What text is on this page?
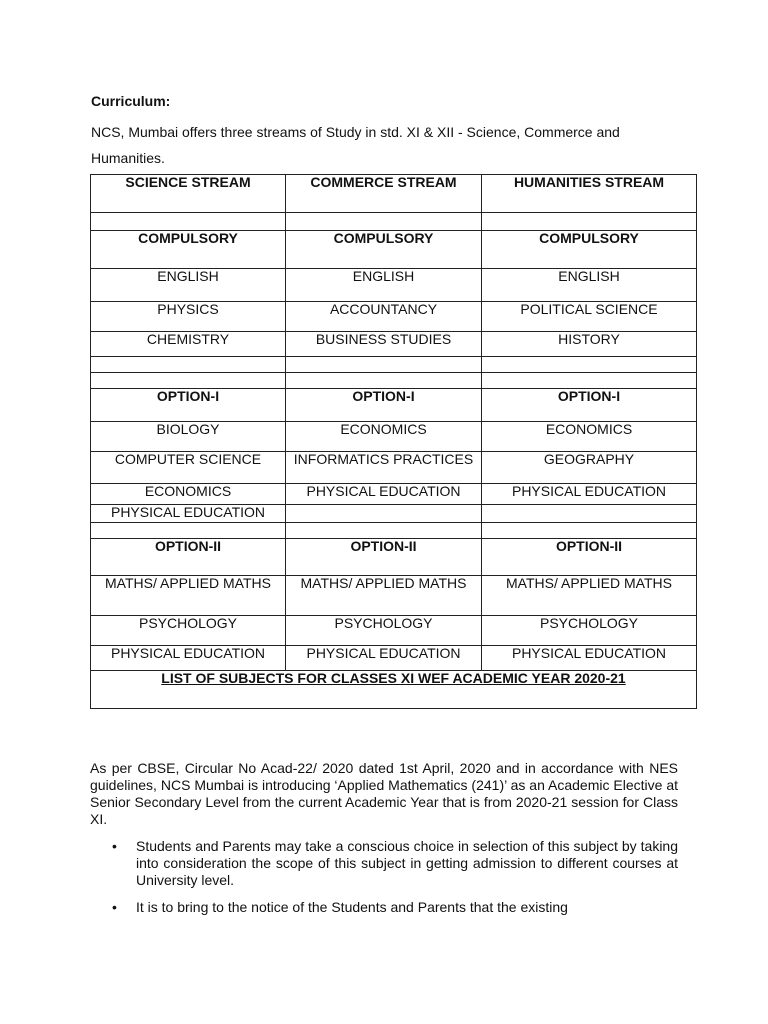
Curriculum:
NCS, Mumbai offers three streams of Study in std. XI & XII - Science, Commerce and Humanities.
SCIENCE STREAM	COMMERCE STREAM	HUMANITIES STREAM

COMPULSORY	COMPULSORY	COMPULSORY
ENGLISH	ENGLISH	ENGLISH
PHYSICS	ACCOUNTANCY	POLITICAL SCIENCE
CHEMISTRY	BUSINESS STUDIES	HISTORY

OPTION-I	OPTION-I	OPTION-I
BIOLOGY	ECONOMICS	ECONOMICS
COMPUTER SCIENCE	INFORMATICS PRACTICES	GEOGRAPHY
ECONOMICS	PHYSICAL EDUCATION	PHYSICAL EDUCATION
PHYSICAL EDUCATION		

OPTION-II	OPTION-II	OPTION-II
MATHS/ APPLIED MATHS	MATHS/ APPLIED MATHS	MATHS/ APPLIED MATHS
PSYCHOLOGY	PSYCHOLOGY	PSYCHOLOGY
PHYSICAL EDUCATION	PHYSICAL EDUCATION	PHYSICAL EDUCATION
LIST OF SUBJECTS FOR CLASSES XI WEF ACADEMIC YEAR 2020-21		
As per CBSE, Circular No Acad-22/ 2020 dated 1st April, 2020 and in accordance with NES guidelines, NCS Mumbai is introducing ‘Applied Mathematics (241)’ as an Academic Elective at Senior Secondary Level from the current Academic Year that is from 2020-21 session for Class XI.
• Students and Parents may take a conscious choice in selection of this subject by taking into consideration the scope of this subject in getting admission to different courses at University level.
• It is to bring to the notice of the Students and Parents that the existing
